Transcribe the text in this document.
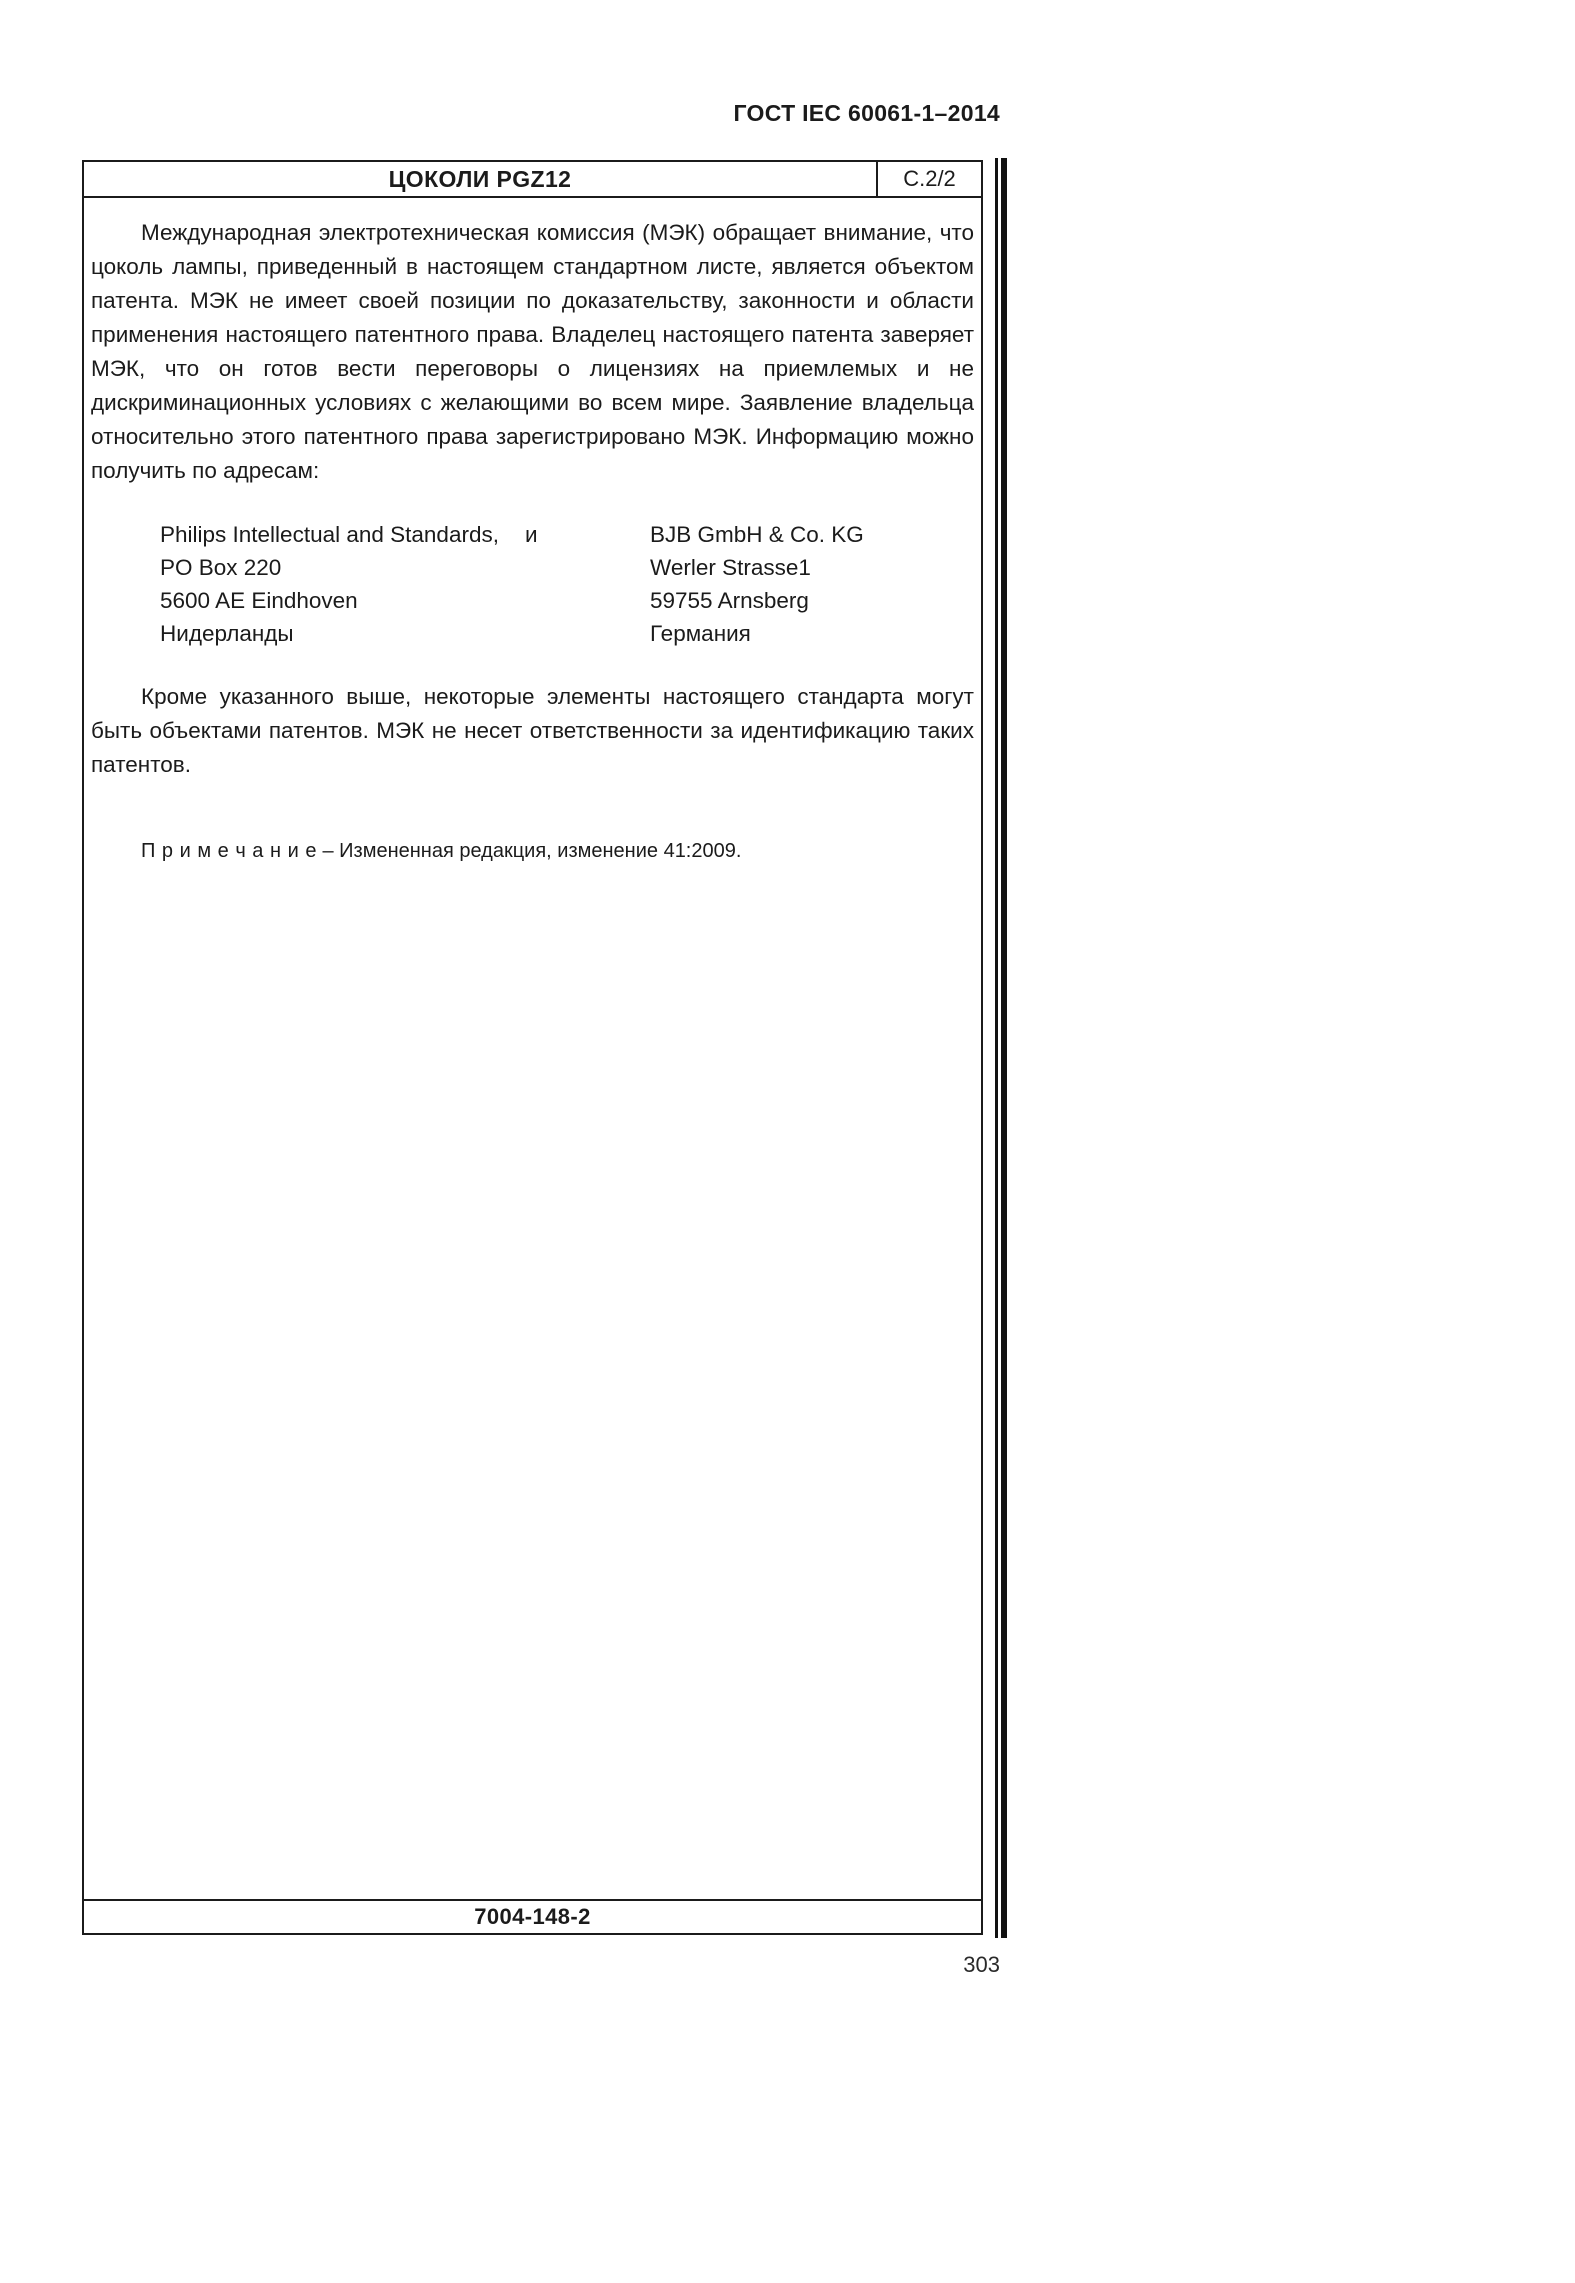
ГОСТ IEC 60061-1–2014
ЦОКОЛИ PGZ12	С.2/2

Международная электротехническая комиссия (МЭК) обращает внимание, что цоколь лампы, приведенный в настоящем стандартном листе, является объектом патента. МЭК не имеет своей позиции по доказательству, законности и области применения настоящего патентного права. Владелец настоящего патента заверяет МЭК, что он готов вести переговоры о лицензиях на приемлемых и не дискриминационных условиях с желающими во всем мире. Заявление владельца относительно этого патентного права зарегистрировано МЭК. Информацию можно получить по адресам:

Philips Intellectual and Standards,
PO Box 220
5600 AE Eindhoven
Нидерланды
и	BJB GmbH & Co. KG
Werler Strasse1
59755 Arnsberg
Германия

Кроме указанного выше, некоторые элементы настоящего стандарта могут быть объектами патентов. МЭК не несет ответственности за идентификацию таких патентов.

П р и м е ч а н и е – Измененная редакция, изменение 41:2009.
7004-148-2
303
